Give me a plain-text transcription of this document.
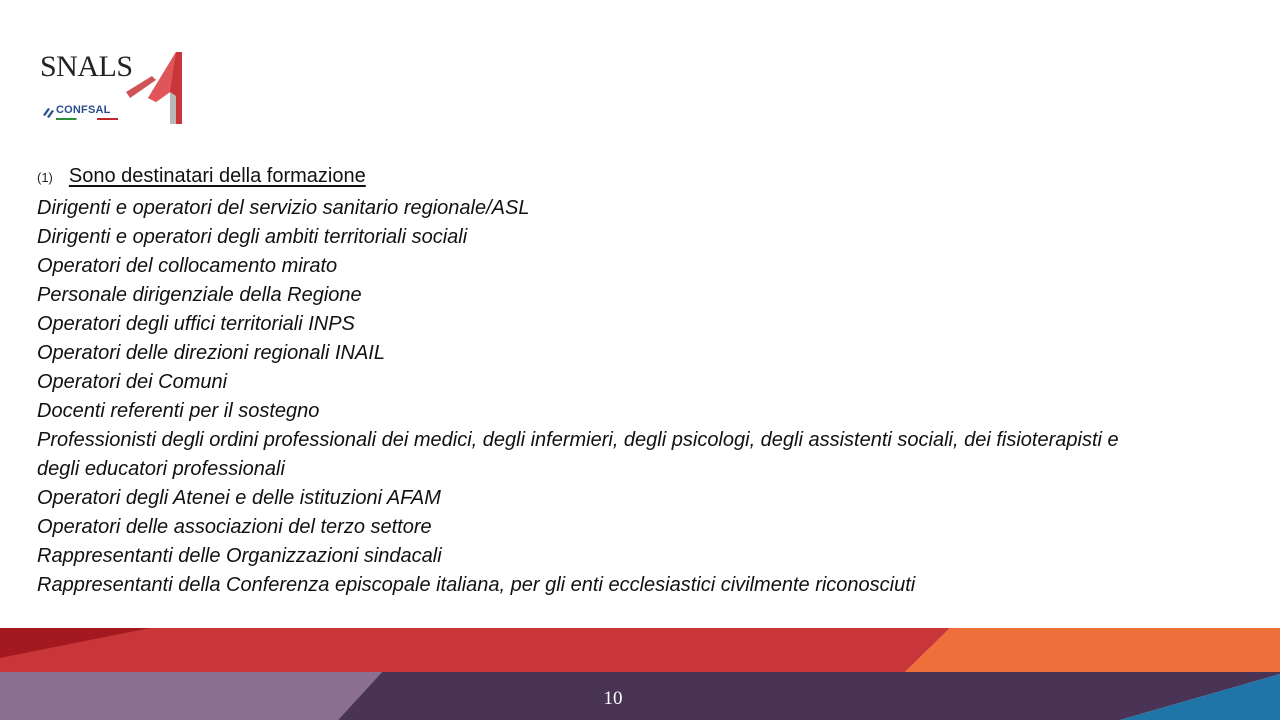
SNALS
CONFSAL
(1) Sono destinatari della formazione
Dirigenti e operatori del servizio sanitario regionale/ASL
Dirigenti e operatori degli ambiti territoriali sociali
Operatori del collocamento mirato
Personale dirigenziale della Regione
Operatori degli uffici territoriali INPS
Operatori delle direzioni regionali INAIL
Operatori dei Comuni
Docenti referenti per il sostegno
Professionisti degli ordini professionali dei medici, degli infermieri, degli psicologi, degli assistenti sociali, dei fisioterapisti e
degli educatori professionali
Operatori degli Atenei e delle istituzioni AFAM
Operatori delle associazioni del terzo settore
Rappresentanti delle Organizzazioni sindacali
Rappresentanti della Conferenza episcopale italiana, per gli enti ecclesiastici civilmente riconosciuti
10
